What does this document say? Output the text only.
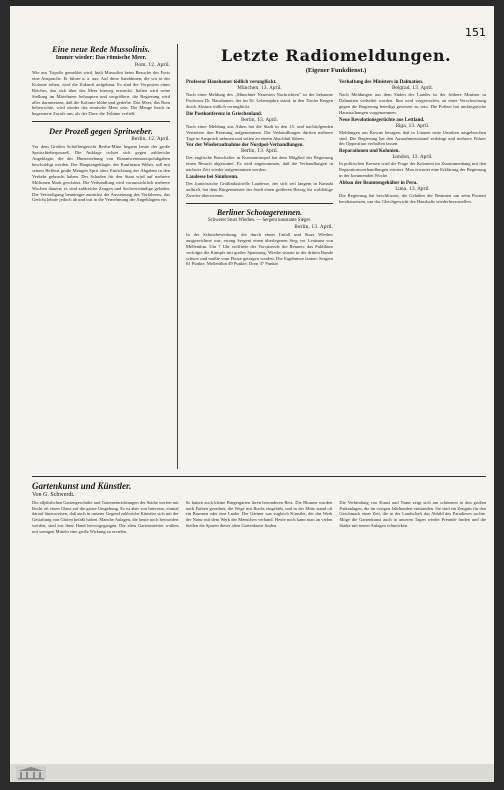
151
Eine neue Rede Mussolinis.
Immer wieder: Das römische Meer.
Rom, 12. April.
Wie aus Tripolis gemeldet wird, hielt Mussolini beim Besuche des Forts eine Ansprache. Er führte u. a. aus: Auf diese Sanddünen, die wir in der Kolonie sehen, wird die Zukunft aufgebaut. Es sind die Vorposten eines Reiches, das sich über das Meer hinweg erstreckt. Italien wird seine Stellung im Mittelmeer behaupten und vergrößern; die Regierung wird alles daransetzen, daß die Kolonie blühe und gedeihe. Das Meer, das Rom beherrschte, wird wieder das römische Meer sein. Die Menge brach in begeisterte Zurufe aus, als der Duce die Tribüne verließ.
Der Prozeß gegen Spritweber.
Berlin, 12. April.
Vor dem Großen Schöffengericht Berlin-Mitte begann heute der große Spritschieberprozeß. Die Anklage richtet sich gegen zahlreiche Angeklagte, die der Hinterziehung von Branntweinmonopolabgaben beschuldigt werden. Der Hauptangeklagte, der Kaufmann Weber, soll mit seinen Helfern große Mengen Sprit ohne Entrichtung der Abgaben in den Verkehr gebracht haben. Der Schaden für den Staat wird auf mehrere Millionen Mark geschätzt. Die Verhandlung wird voraussichtlich mehrere Wochen dauern; es sind zahlreiche Zeugen und Sachverständige geladen. Die Verteidigung beantragte zunächst die Aussetzung des Verfahrens, das Gericht lehnte jedoch ab und trat in die Vernehmung der Angeklagten ein.
Letzte Radiomeldungen.
(Eigener Funkdienst.)
Professor Haushamer tödlich verunglückt.
München, 13. April.
Nach einer Meldung des „Münchner Neuesten Nachrichten" ist der bekannte Professor Dr. Haushamer, der im 56. Lebensjahre stand, in den Tiroler Bergen durch Absturz tödlich verunglückt.
Die Postkonferenz in Griechenland.
Berlin, 13. April.
Nach einer Meldung aus Athen hat die Stadt in den 15. und nachfolgenden Vertretern ihre Beratung aufgenommen. Die Verhandlungen dürften mehrere Tage in Anspruch nehmen und sollen zu einem Abschluß führen.
Vor der Wiederaufnahme der Nordpol-Verhandlungen.
Berlin, 13. April.
Der englische Botschafter in Konstantinopel hat dem Mitglied der Regierung einen Besuch abgestattet. Es wird angenommen, daß die Verhandlungen in nächster Zeit wieder aufgenommen werden.
Laudesse bei Sinnbrenn.
Der französische Großindustrielle Laudesse, der sich seit langem in Kanada aufhielt, hat dem Bürgermeister der Stadt einen größeren Betrag für wohltätige Zwecke überwiesen.
Berliner Schotagerennen.
Schwerer Sturz Wiethes. — Sergent konstante Sieger.
Berlin, 13. April.
In der Schutzbewerbung, die durch einen Unfall und Sturz Wiethes ausgezeichnet war, errang Sergent einen überlegenen Sieg vor Leutnant von Mellenthin. Um 7 Uhr eröffnete der Vorsitzende die Rennen; das Publikum verfolgte die Kämpfe mit großer Spannung. Wiethe stürzte in der dritten Runde schwer und mußte vom Platze getragen werden. Die Ergebnisse lauten: Sergent 61 Punkte, Mellenthin 49 Punkte, Dorn 37 Punkte.
Verhaftung des Ministers in Dalmatien.
Belgrad, 13. April.
Nach Meldungen aus dem Süden des Landes ist der frühere Minister in Dalmatien verhaftet worden. Ihm wird vorgeworfen, an einer Verschwörung gegen die Regierung beteiligt gewesen zu sein. Die Polizei hat umfangreiche Haussuchungen vorgenommen.
Neue Revolutionsgerüchte aus Lettland.
Riga, 13. April.
Meldungen aus Kowno besagen, daß in Litauen neue Unruhen ausgebrochen sind. Die Regierung hat den Ausnahmezustand verhängt und mehrere Führer der Opposition verhaften lassen.
Reparationen und Kolonien.
London, 13. April.
In politischen Kreisen wird die Frage der Kolonien im Zusammenhang mit den Reparationsverhandlungen erörtert. Man erwartet eine Erklärung der Regierung in der kommenden Woche.
Abbau der Beamtengehälter in Peru.
Lima, 13. April.
Die Regierung hat beschlossen, die Gehälter der Beamten um zehn Prozent herabzusetzen, um das Gleichgewicht des Haushalts wiederherzustellen.
Gartenkunst und Künstler.
Von G. Schwerdt.
Die alljährlichen Gartengeschäfte und Garteneinrichtungen der Städte werfen mit Recht oft einen Glanz auf die ganze Umgebung. Es ist aber von Interesse, einmal darauf hinzuweisen, daß auch in unserer Gegend zahlreiche Künstler sich mit der Gestaltung von Gärten befaßt haben. Manche Anlagen, die heute noch bewundert werden, sind aus ihrer Hand hervorgegangen. Die alten Gartenmeister wußten mit wenigen Mitteln eine große Wirkung zu erzielen.
So hatten auch kleine Bürgergärten ihren besonderen Reiz. Die Blumen wurden nach Farben geordnet, die Wege mit Buchs eingefaßt, und in der Mitte stand oft ein Brunnen oder eine Laube. Der Gärtner war zugleich Künstler, der das Werk der Natur mit dem Werk der Menschen verband. Heute noch kann man an vielen Stellen die Spuren dieser alten Gartenkunst finden.
Die Verbindung von Kunst und Natur zeigt sich am schönsten in den großen Parkanlagen, die im vorigen Jahrhundert entstanden. Sie sind ein Zeugnis für den Geschmack einer Zeit, die in der Landschaft das Abbild des Paradieses suchte. Möge die Gartenkunst auch in unseren Tagen wieder Freunde finden und die Städte mit neuen Anlagen schmücken.
